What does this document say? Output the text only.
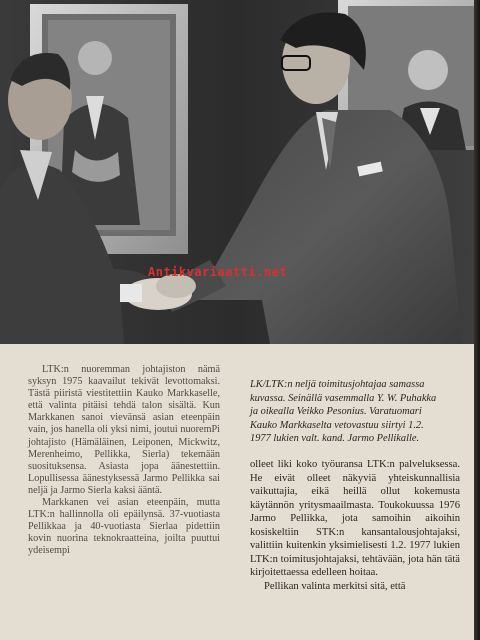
Antikvariaatti.net

LTK:n nuoremman johtajiston nämä syksyn 1975 kaavailut tekivät levottomaksi. Tästä piiristä viestitettiin Kauko Markkaselle, että valinta pitäisi tehdä talon sisältä. Kun Markkanen sanoi vievänsä asian eteenpäin vain, jos hanella oli yksi nimi, joutui nuoremPi johtajisto (Hämäläinen, Leiponen, Mickwitz, Merenheimo, Pellikka, Sierla) tekemään suosituksensa. Asiasta jopa äänestettiin. Lopullisessa äänestyksessä Jarmo Pellikka sai neljä ja Jarmo Sierla kaksi ääntä.

Markkanen vei asian eteenpäin, mutta LTK:n hallinnolla oli epäilynsä. 37-vuotiasta Pellikkaa ja 40-vuotiasta Sierlaa pidettiin kovin nuorina teknokraatteina, joilta puuttui ydeisempi

LK/LTK:n neljä toimitusjohtajaa samassa kuvassa. Seinällä vasemmalla Y. W. Puhakka ja oikealla Veikko Pesonius. Varatuomari Kauko Markkaselta vetovastuu siirtyi 1.2. 1977 lukien valt. kand. Jarmo Pellikalle.

olleet liki koko työuransa LTK:n palveluksessa. He eivät olleet näkyviä yhteiskunnallisia vaikuttajia, eikä heillä ollut kokemusta käytännön yritysmaailmasta. Toukokuussa 1976 Jarmo Pellikka, jota samoihin aikoihin kosiskeltiin STK:n kansantalousjohtajaksi, valittiin kuitenkin yksimielisesti 1.2. 1977 lukien LTK:n toimitusjohtajaksi, tehtävään, jota hän tätä kirjoitettaessa edelleen hoitaa.

Pellikan valinta merkitsi sitä, että
